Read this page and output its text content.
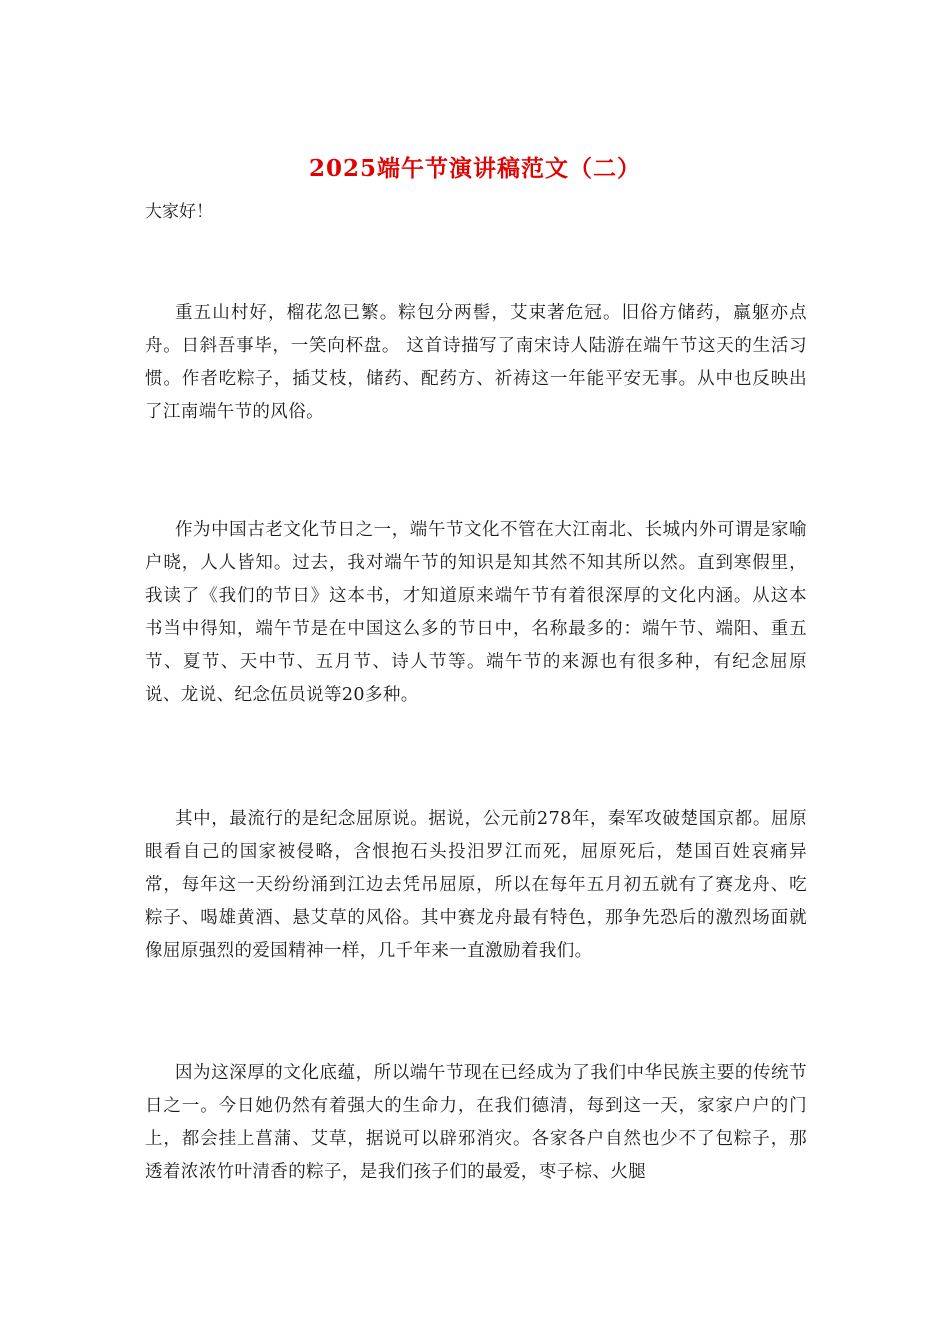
2025端午节演讲稿范文（二）
大家好！

重五山村好，榴花忽已繁。粽包分两髻，艾束著危冠。旧俗方储药，羸躯亦点舟。日斜吾事毕，一笑向杯盘。 这首诗描写了南宋诗人陆游在端午节这天的生活习惯。作者吃粽子，插艾枝，储药、配药方、祈祷这一年能平安无事。从中也反映出了江南端午节的风俗。

作为中国古老文化节日之一，端午节文化不管在大江南北、长城内外可谓是家喻户晓，人人皆知。过去，我对端午节的知识是知其然不知其所以然。直到寒假里，我读了《我们的节日》这本书，才知道原来端午节有着很深厚的文化内涵。从这本书当中得知，端午节是在中国这么多的节日中，名称最多的：端午节、端阳、重五节、夏节、天中节、五月节、诗人节等。端午节的来源也有很多种，有纪念屈原说、龙说、纪念伍员说等20多种。

其中，最流行的是纪念屈原说。据说，公元前278年，秦军攻破楚国京都。屈原眼看自己的国家被侵略，含恨抱石头投汨罗江而死，屈原死后，楚国百姓哀痛异常，每年这一天纷纷涌到江边去凭吊屈原，所以在每年五月初五就有了赛龙舟、吃粽子、喝雄黄酒、悬艾草的风俗。其中赛龙舟最有特色，那争先恐后的激烈场面就像屈原强烈的爱国精神一样，几千年来一直激励着我们。

因为这深厚的文化底蕴，所以端午节现在已经成为了我们中华民族主要的传统节日之一。今日她仍然有着强大的生命力，在我们德清，每到这一天，家家户户的门上，都会挂上菖蒲、艾草，据说可以辟邪消灾。各家各户自然也少不了包粽子，那透着浓浓竹叶清香的粽子，是我们孩子们的最爱，枣子棕、火腿
